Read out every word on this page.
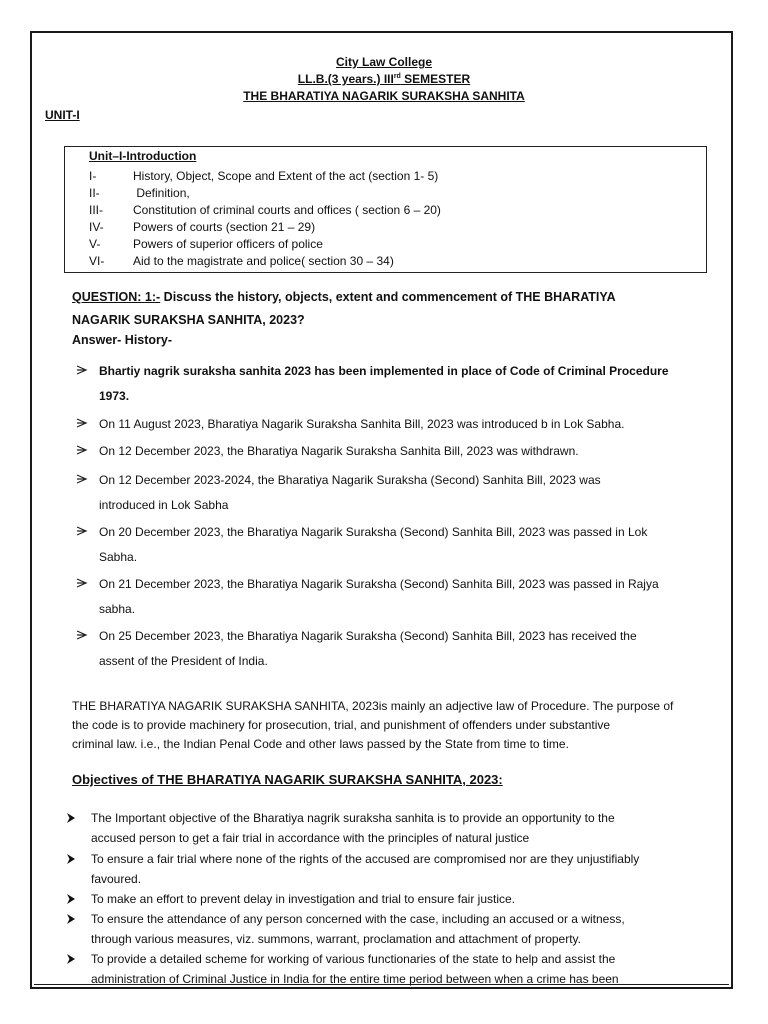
City Law College
LL.B.(3 years.) IIIrd SEMESTER
THE BHARATIYA NAGARIK SURAKSHA SANHITA
UNIT-I
Unit–I-Introduction
I-	History, Object, Scope and Extent of the act (section 1- 5)
II-	Definition,
III-	Constitution of criminal courts and offices ( section 6 – 20)
IV-	Powers of courts (section 21 – 29)
V-	Powers of superior officers of police
VI-	Aid to the magistrate and police( section 30 – 34)
QUESTION: 1:- Discuss the history, objects, extent and commencement of THE BHARATIYA
NAGARIK SURAKSHA SANHITA, 2023?
Answer- History-
Bhartiy nagrik suraksha sanhita 2023 has been implemented in place of Code of Criminal Procedure
1973.
On 11 August 2023, Bharatiya Nagarik Suraksha Sanhita Bill, 2023 was introduced b in Lok Sabha.
On 12 December 2023, the Bharatiya Nagarik Suraksha Sanhita Bill, 2023 was withdrawn.
On 12 December 2023-2024, the Bharatiya Nagarik Suraksha (Second) Sanhita Bill, 2023 was
introduced in Lok Sabha
On 20 December 2023, the Bharatiya Nagarik Suraksha (Second) Sanhita Bill, 2023 was passed in Lok
Sabha.
On 21 December 2023, the Bharatiya Nagarik Suraksha (Second) Sanhita Bill, 2023 was passed in Rajya
sabha.
On 25 December 2023, the Bharatiya Nagarik Suraksha (Second) Sanhita Bill, 2023 has received the
assent of the President of India.
THE BHARATIYA NAGARIK SURAKSHA SANHITA, 2023is mainly an adjective law of Procedure. The purpose of
the code is to provide machinery for prosecution, trial, and punishment of offenders under substantive
criminal law. i.e., the Indian Penal Code and other laws passed by the State from time to time.
Objectives of THE BHARATIYA NAGARIK SURAKSHA SANHITA, 2023:
The Important objective of the Bharatiya nagrik suraksha sanhita is to provide an opportunity to the
accused person to get a fair trial in accordance with the principles of natural justice
To ensure a fair trial where none of the rights of the accused are compromised nor are they unjustifiably
favoured.
To make an effort to prevent delay in investigation and trial to ensure fair justice.
To ensure the attendance of any person concerned with the case, including an accused or a witness,
through various measures, viz. summons, warrant, proclamation and attachment of property.
To provide a detailed scheme for working of various functionaries of the state to help and assist the
administration of Criminal Justice in India for the entire time period between when a crime has been
